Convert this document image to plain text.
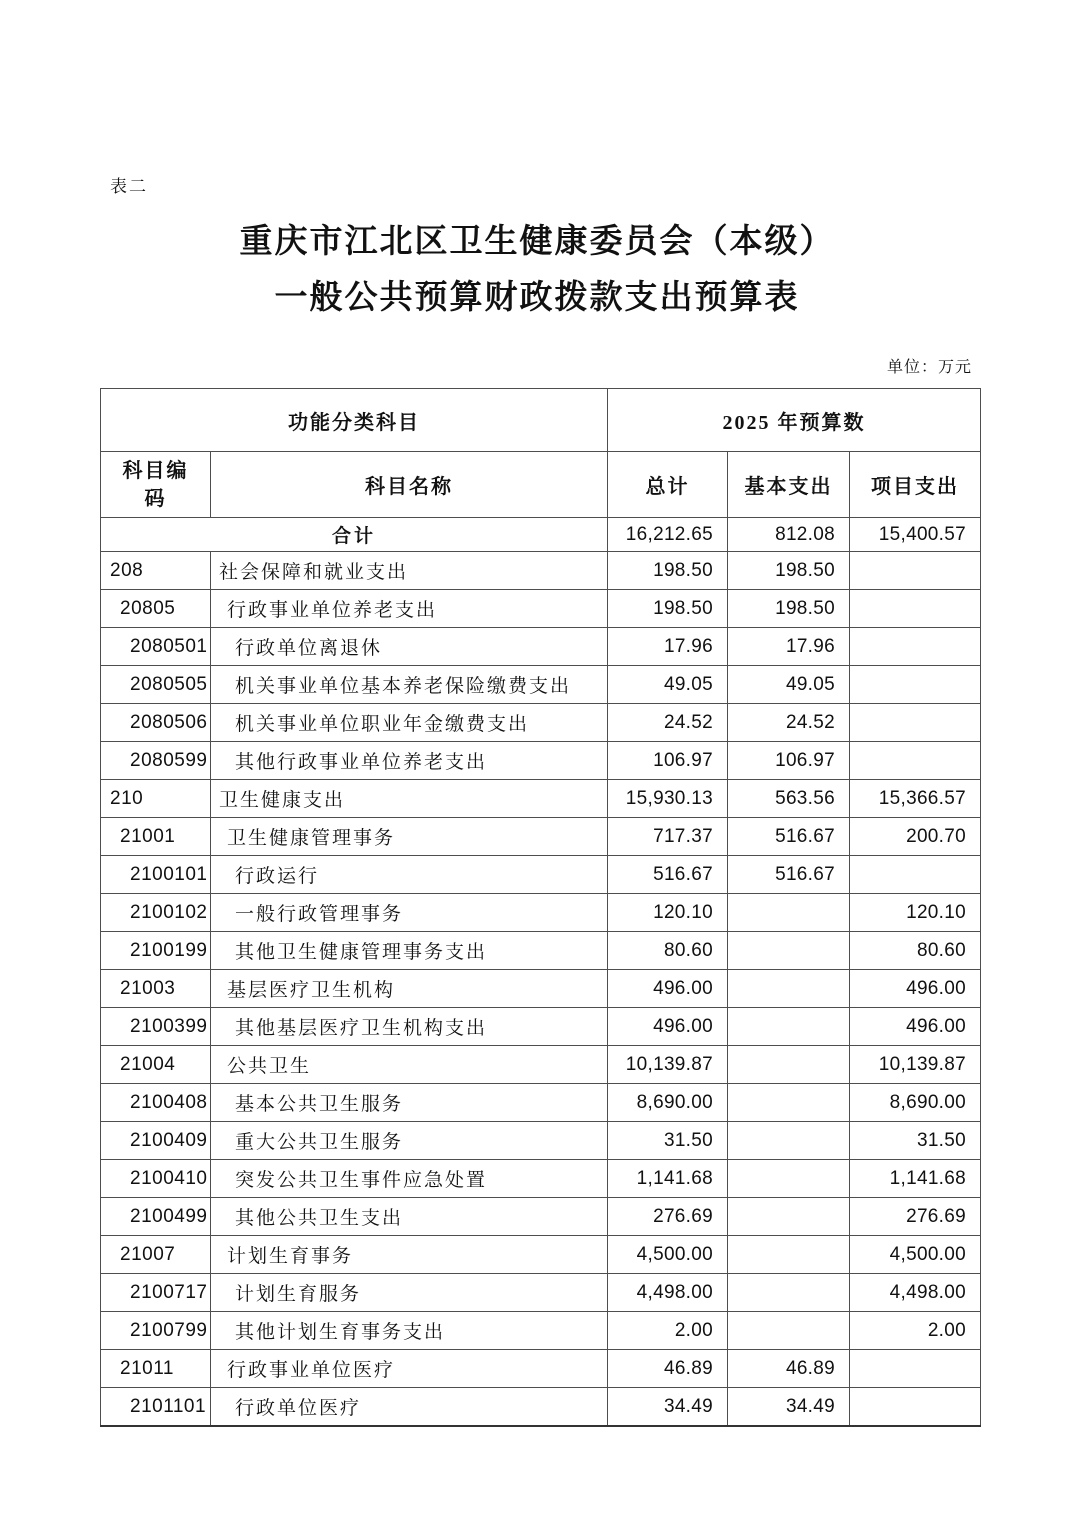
表二
重庆市江北区卫生健康委员会（本级）
一般公共预算财政拨款支出预算表
单位：万元
功能分类科目		2025 年预算数		
科目编码	科目名称	总计	基本支出	项目支出
合计		16,212.65	812.08	15,400.57
208	社会保障和就业支出	198.50	198.50	
20805	行政事业单位养老支出	198.50	198.50	
2080501	行政单位离退休	17.96	17.96	
2080505	机关事业单位基本养老保险缴费支出	49.05	49.05	
2080506	机关事业单位职业年金缴费支出	24.52	24.52	
2080599	其他行政事业单位养老支出	106.97	106.97	
210	卫生健康支出	15,930.13	563.56	15,366.57
21001	卫生健康管理事务	717.37	516.67	200.70
2100101	行政运行	516.67	516.67	
2100102	一般行政管理事务	120.10		120.10
2100199	其他卫生健康管理事务支出	80.60		80.60
21003	基层医疗卫生机构	496.00		496.00
2100399	其他基层医疗卫生机构支出	496.00		496.00
21004	公共卫生	10,139.87		10,139.87
2100408	基本公共卫生服务	8,690.00		8,690.00
2100409	重大公共卫生服务	31.50		31.50
2100410	突发公共卫生事件应急处置	1,141.68		1,141.68
2100499	其他公共卫生支出	276.69		276.69
21007	计划生育事务	4,500.00		4,500.00
2100717	计划生育服务	4,498.00		4,498.00
2100799	其他计划生育事务支出	2.00		2.00
21011	行政事业单位医疗	46.89	46.89	
2101101	行政单位医疗	34.49	34.49	
